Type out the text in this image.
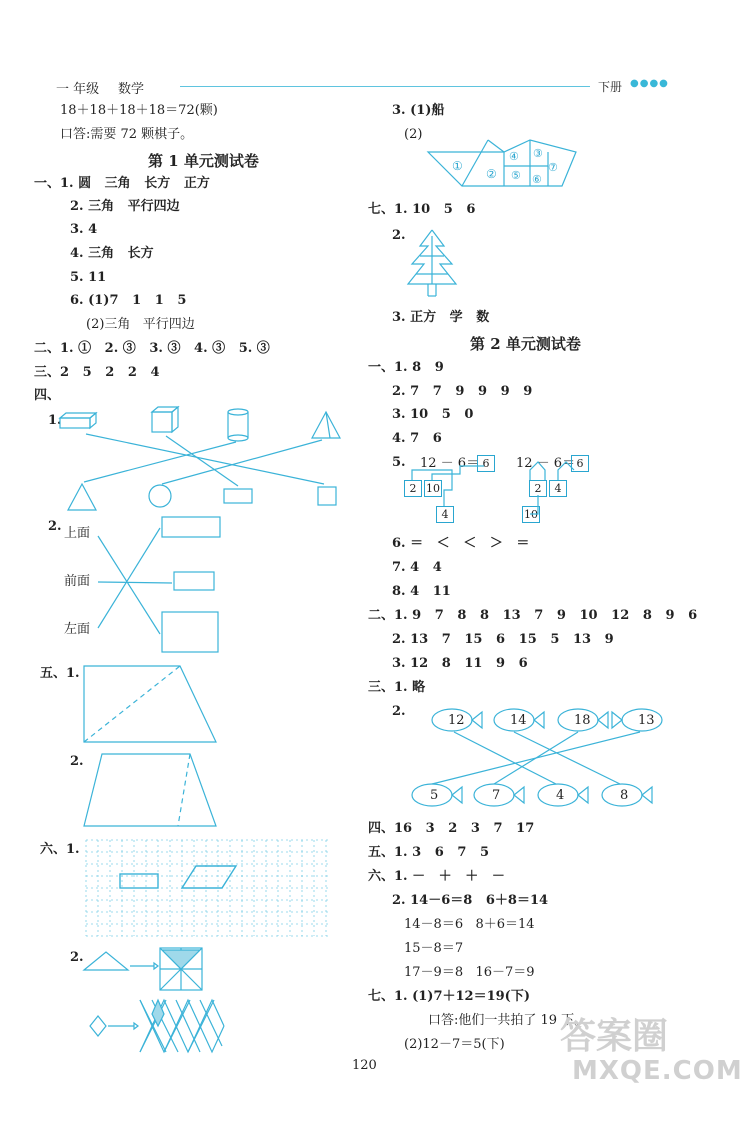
一 年级 数学	下册 ●●●●
18＋18＋18＋18＝72(颗)
口答:需要 72 颗棋子。
第 1 单元测试卷
一、1. 圆   三角   长方   正方
2. 三角   平行四边
3. 4
4. 三角   长方
5. 11
6. (1)7   1   1   5
(2)三角   平行四边
二、1. ①   2. ③   3. ③   4. ③   5. ③
三、2   5   2   2   4
四、
1.
2. 上面
前面
左面
五、1.
2.
六、1.
2.
3. (1)船
(2)
七、1. 10   5   6
2.
3. 正方   学   数
第 2 单元测试卷
一、1. 8   9
2. 7   7   9   9   9   9
3. 10   5   0
4. 7   6
5. 12 － 6＝	12 － 6＝
6
2 10
4
6
2	4
10
6. ＝   ＜   ＜   ＞   ＝
7. 4   4
8. 4   11
二、1. 9   7   8   8   13   7   9   10   12   8   9   6
2. 13   7   15   6   15   5   13   9
3. 12   8   11   9   6
三、1. 略
2.
12	14	18	13
5	7	4	8
四、16   3   2   3   7   17
五、1. 3   6   7   5
六、1. －   ＋   ＋   －
2. 14－6＝8   6＋8＝14
14－8＝6   8＋6＝14
15－8＝7
17－9＝8   16－7＝9
七、1. (1)7＋12＝19(下)
口答:他们一共拍了 19 下。
(2)12－7＝5(下)
120
答案圈
MXQE.COM
①
②
④ ③
⑤ ⑥
⑦
